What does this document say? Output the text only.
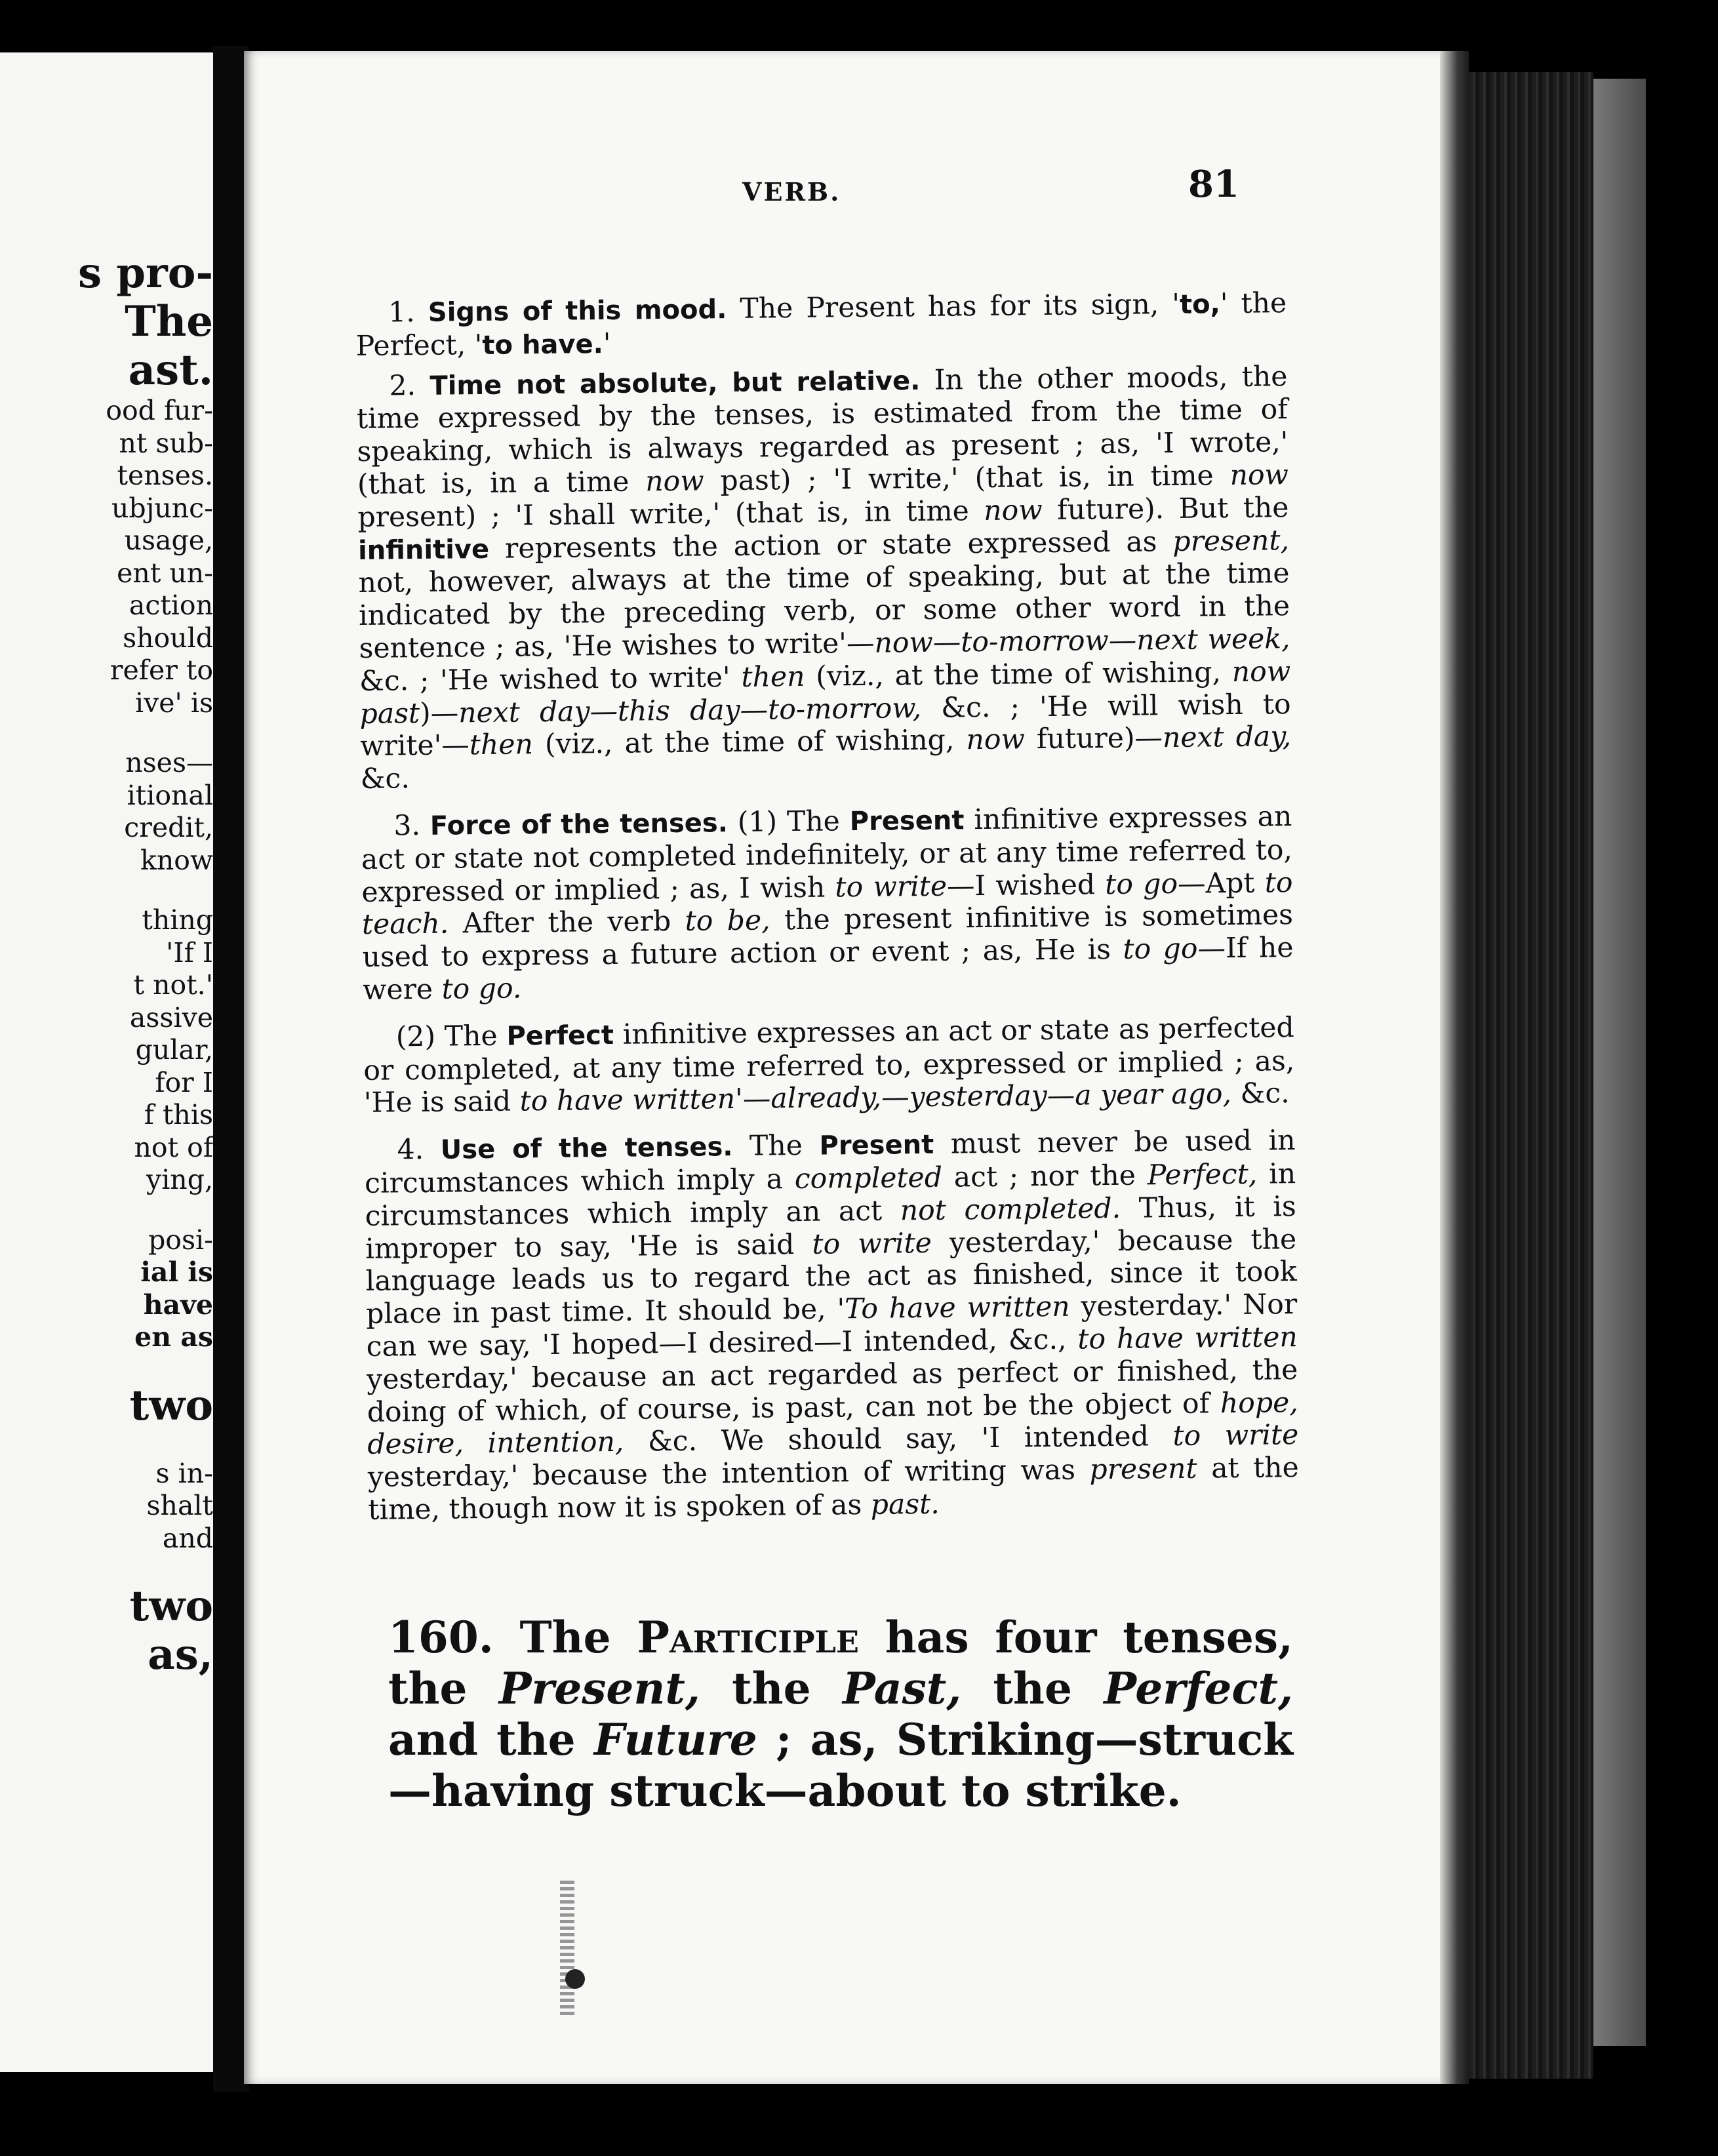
s pro-
The
ast.
ood fur-
nt sub-
tenses.
ubjunc-
usage,
ent un-
action
should
refer to
ive' is
nses—
itional
credit,
know
thing
'If I
t not.'
assive
gular,
for I
f this
not of
ying,
posi-
ial is
have
en as
two
s in-
shalt
and
two
as,
VERB.	81

1. Signs of this mood. The Present has for its sign, 'to,' the Perfect, 'to have.'

2. Time not absolute, but relative. In the other moods, the time expressed by the tenses, is estimated from the time of speaking, which is always regarded as present ; as, 'I wrote,' (that is, in a time now past) ; 'I write,' (that is, in time now present) ; 'I shall write,' (that is, in time now future). But the infinitive represents the action or state expressed as present, not, however, always at the time of speaking, but at the time indicated by the preceding verb, or some other word in the sentence ; as, 'He wishes to write'—now—to-morrow—next week, &c. ; 'He wished to write' then (viz., at the time of wishing, now past)—next day—this day—to-morrow, &c. ; 'He will wish to write'—then (viz., at the time of wishing, now future)—next day, &c.

3. Force of the tenses. (1) The Present infinitive expresses an act or state not completed indefinitely, or at any time referred to, expressed or implied ; as, I wish to write—I wished to go—Apt to teach. After the verb to be, the present infinitive is sometimes used to express a future action or event ; as, He is to go—If he were to go.

(2) The Perfect infinitive expresses an act or state as perfected or completed, at any time referred to, expressed or implied ; as, 'He is said to have written'—already,—yesterday—a year ago, &c.

4. Use of the tenses. The Present must never be used in circumstances which imply a completed act ; nor the Perfect, in circumstances which imply an act not completed. Thus, it is improper to say, 'He is said to write yesterday,' because the language leads us to regard the act as finished, since it took place in past time. It should be, 'To have written yesterday.' Nor can we say, 'I hoped—I desired—I intended, &c., to have written yesterday,' because an act regarded as perfect or finished, the doing of which, of course, is past, can not be the object of hope, desire, intention, &c. We should say, 'I intended to write yesterday,' because the intention of writing was present at the time, though now it is spoken of as past.

160. The Participle has four tenses, the Present, the Past, the Perfect, and the Future ; as, Striking—struck—having struck—about to strike.
